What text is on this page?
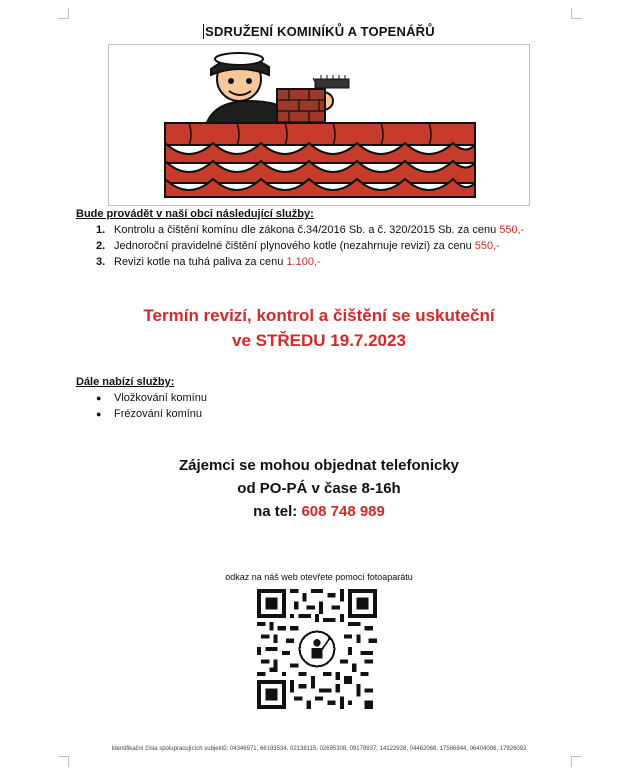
SDRUŽENÍ KOMINÍKŮ A TOPENÁŘŮ
Bude provádět v naší obci následující služby:
1. Kontrolu a čištění komínu dle zákona č.34/2016 Sb. a č. 320/2015 Sb. za cenu 550,-
2. Jednoroční pravidelné čištění plynového kotle (nezahrnuje revizi) za cenu 550,-
3. Revizi kotle na tuhá paliva za cenu 1.100,-
Termín revizí, kontrol a čištění se uskuteční
ve STŘEDU 19.7.2023
Dále nabízí služby:
● Vložkování komínu
● Frézování komínu
Zájemci se mohou objednat telefonicky
od PO-PÁ v čase 8-16h
na tel: 608 748 989
odkaz na náš web otevřete pomocí fotoaparátu
Identifikační čísla spolupracujících subjektů: 04346971, 66193534, 02138115, 02695308, 09178937, 14122928, 04462068, 17586844, 06404006, 17926092
